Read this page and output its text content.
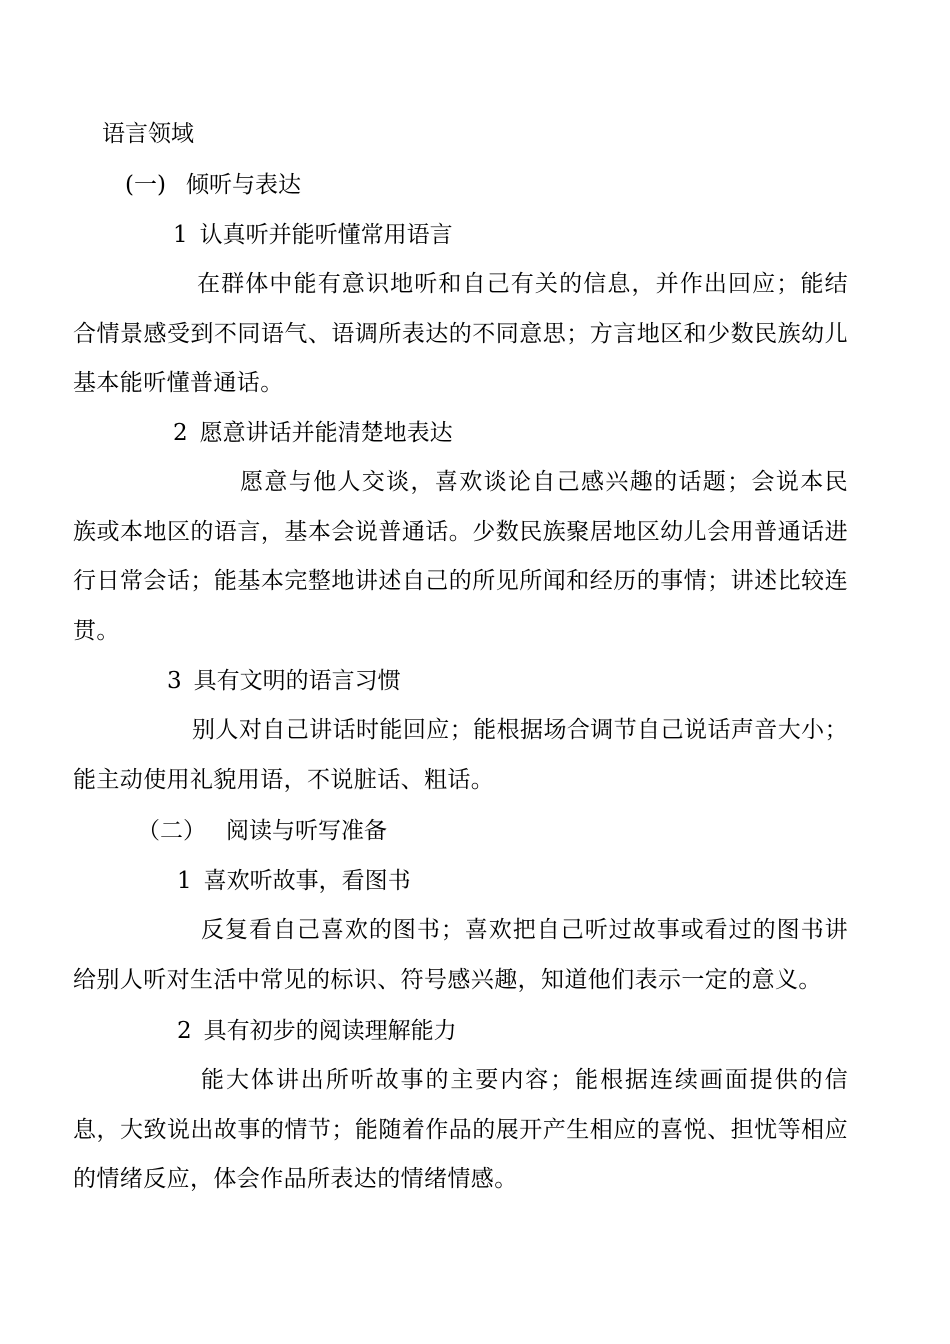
语言领域
(一) 倾听与表达
1 认真听并能听懂常用语言
在群体中能有意识地听和自己有关的信息，并作出回应；能结合情景感受到不同语气、语调所表达的不同意思；方言地区和少数民族幼儿基本能听懂普通话。
2 愿意讲话并能清楚地表达
愿意与他人交谈，喜欢谈论自己感兴趣的话题；会说本民族或本地区的语言，基本会说普通话。少数民族聚居地区幼儿会用普通话进行日常会话；能基本完整地讲述自己的所见所闻和经历的事情；讲述比较连贯。
3 具有文明的语言习惯
别人对自己讲话时能回应；能根据场合调节自己说话声音大小；能主动使用礼貌用语，不说脏话、粗话。
（二） 阅读与听写准备
1 喜欢听故事，看图书
反复看自己喜欢的图书；喜欢把自己听过故事或看过的图书讲给别人听对生活中常见的标识、符号感兴趣，知道他们表示一定的意义。
2 具有初步的阅读理解能力
能大体讲出所听故事的主要内容；能根据连续画面提供的信息，大致说出故事的情节；能随着作品的展开产生相应的喜悦、担忧等相应的情绪反应，体会作品所表达的情绪情感。
